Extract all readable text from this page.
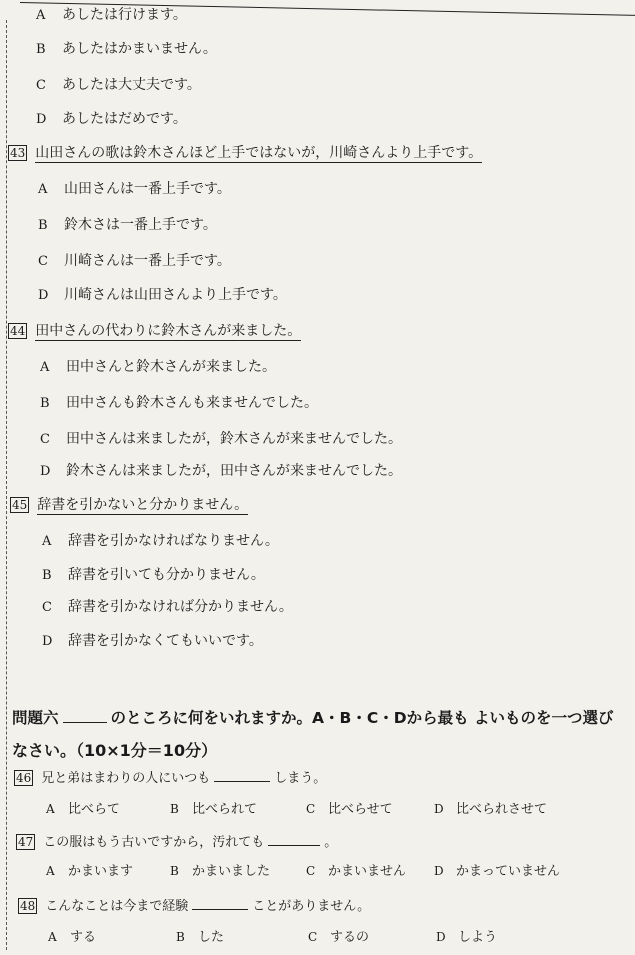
A あしたは行けます。
B あしたはかまいません。
C あしたは大丈夫です。
D あしたはだめです。
43 山田さんの歌は鈴木さんほど上手ではないが，川崎さんより上手です。
A 山田さんは一番上手です。
B 鈴木さは一番上手です。
C 川崎さんは一番上手です。
D 川崎さんは山田さんより上手です。
44 田中さんの代わりに鈴木さんが来ました。
A 田中さんと鈴木さんが来ました。
B 田中さんも鈴木さんも来ませんでした。
C 田中さんは来ましたが，鈴木さんが来ませんでした。
D 鈴木さんは来ましたが，田中さんが来ませんでした。
45 辞書を引かないと分かりません。
A 辞書を引かなければなりません。
B 辞書を引いても分かりません。
C 辞書を引かなければ分かりません。
D 辞書を引かなくてもいいです。
問題六	のところに何をいれますか。A・B・C・Dから最も よいものを一つ選び
なさい。（10×1分＝10分）
46 兄と弟はまわりの人にいつも	しまう。
A 比べらて	B 比べられて	C 比べらせて	D 比べられさせて
47 この服はもう古いですから，汚れても	。
A かまいます	B かまいました	C かまいません D かまっていません
48 こんなことは今まで経験	ことがありません。
A する	B した	C するの	D しよう
